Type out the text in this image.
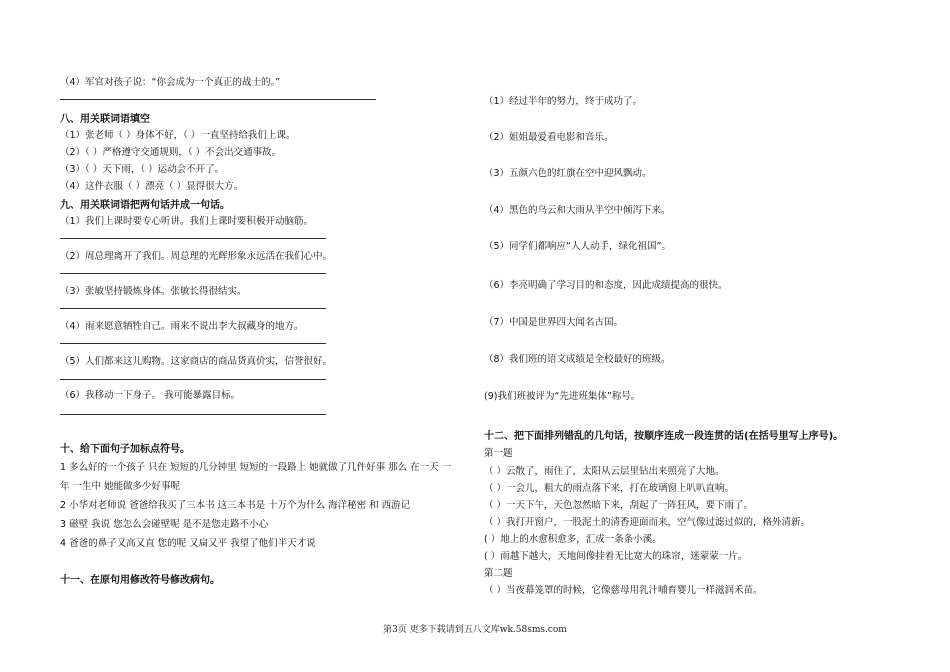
（4）军官对孩子说：“你会成为一个真正的战士的。”
八、用关联词语填空
（1）张老师（ ）身体不好，（ ）一直坚持给我们上课。
（2）（ ）严格遵守交通规则，（ ）不会出交通事故。
（3）（ ）天下雨，（ ）运动会不开了。
（4）这件衣服（ ）漂亮（ ）显得很大方。
九、用关联词语把两句话并成一句话。
（1）我们上课时要专心听讲。我们上课时要积极开动脑筋。
（2）周总理离开了我们。周总理的光辉形象永远活在我们心中。
（3）张敏坚持锻炼身体。张敏长得很结实。
（4）雨来愿意牺牲自己。雨来不说出李大叔藏身的地方。
（5）人们都来这儿购物。这家商店的商品货真价实，信誉很好。
（6）我移动一下身子。 我可能暴露目标。
十、给下面句子加标点符号。
1 多么好的一个孩子 只在 短短的几分钟里 短短的一段路上 她就做了几件好事 那么 在一天 一
年 一生中 她能做多少好事呢
2 小华对老师说 爸爸给我买了三本书 这三本书是 十万个为什么 海洋秘密 和 西游记
3 磁壁 我说 您怎么会碰壁呢 是不是您走路不小心
4 爸爸的鼻子又高又直 您的呢 又扁又平 我望了他们半天才说
十一、在原句用修改符号修改病句。
（1）经过半年的努力，终于成功了。
（2）姐姐最爱看电影和音乐。
（3）五颜六色的红旗在空中迎风飘动。
（4）黑色的乌云和大雨从半空中倾泻下来。
（5）同学们都响应“人人动手，绿化祖国”。
（6）李亮明确了学习目的和态度，因此成绩提高的很快。
（7）中国是世界四大闻名古国。
（8）我们班的语文成绩是全校最好的班级。
(9)我们班被评为“先进班集体”称号。
十二、把下面排列错乱的几句话，按顺序连成一段连贯的话(在括号里写上序号)。
第一题
（ ）云散了，雨住了，太阳从云层里钻出来照亮了大地。
（ ）一会儿，粗大的雨点落下来，打在玻璃窗上叭叭直响。
（ ）一天下午，天色忽然暗下来，刮起了一阵狂风，要下雨了。
（ ）我打开窗户，一股泥土的清香迎面而来，空气像过滤过似的，格外清新。
( ）地上的水愈积愈多，汇成一条条小溪。
( ）雨越下越大，天地间像挂着无比宽大的珠帘，迷蒙蒙一片。
第二题
（ ）当夜幕笼罩的时候，它像慈母用乳汁哺育婴儿一样滋润禾苗。
第3页 更多下载请到五八文库wk.58sms.com
